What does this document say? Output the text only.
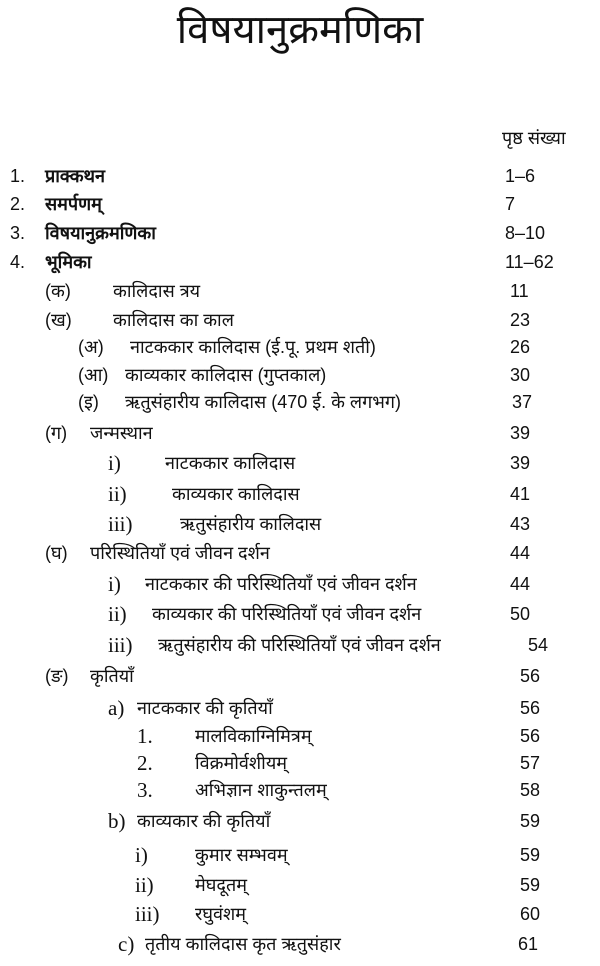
विषयानुक्रमणिका
पृष्ठ संख्या
1. प्राक्कथन	1–6
2. समर्पणम्	7
3. विषयानुक्रमणिका	8–10
4. भूमिका	11–62
(क) कालिदास त्रय	11
(ख) कालिदास का काल	23
(अ) नाटककार कालिदास (ई.पू. प्रथम शती)	26
(आ) काव्यकार कालिदास (गुप्तकाल)	30
(इ) ऋतुसंहारीय कालिदास (470 ई. के लगभग)	37
(ग) जन्मस्थान	39
i) नाटककार कालिदास	39
ii)	काव्यकार कालिदास	41
iii)	ऋतुसंहारीय कालिदास	43
(घ) परिस्थितियाँ एवं जीवन दर्शन	44
i) नाटककार की परिस्थितियाँ एवं जीवन दर्शन	44
ii) काव्यकार की परिस्थितियाँ एवं जीवन दर्शन	50
iii) ऋतुसंहारीय की परिस्थितियाँ एवं जीवन दर्शन	54
(ङ) कृतियाँ	56
a) नाटककार की कृतियाँ	56
1. मालविकाग्निमित्रम्	56
2. विक्रमोर्वशीयम्	57
3. अभिज्ञान शाकुन्तलम्	58
b) काव्यकार की कृतियाँ	59
i)	कुमार सम्भवम्	59
ii) मेघदूतम्	59
iii) रघुवंशम्	60
c) तृतीय कालिदास कृत ऋतुसंहार	61
